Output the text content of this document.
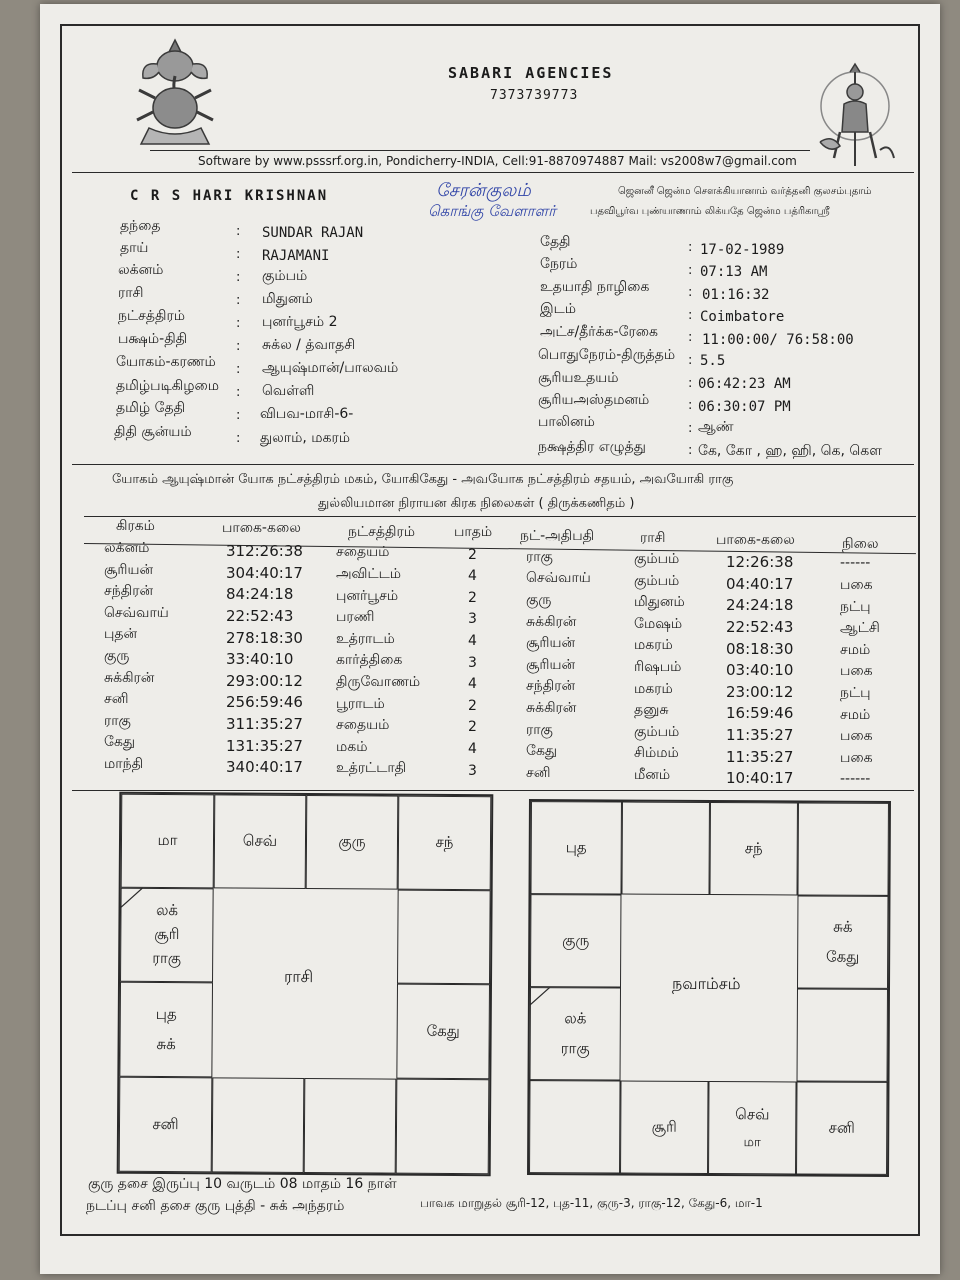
SABARI AGENCIES
7373739773
Software by www.psssrf.org.in, Pondicherry-INDIA, Cell:91-8870974887 Mail: vs2008w7@gmail.com
C R S HARI KRISHNAN	சேரன்குலம்
கொங்கு வேளாளர்
ஜெனனீ ஜென்ம சௌக்கியானாம் வர்த்தனி குலசம்புதாம்
பதவிபூர்வ புண்யாணாம் லிக்யதே ஜென்ம பத்ரிகாஶ்ரீ
தந்தை	SUNDAR RAJAN
தாய்	RAJAMANI
லக்னம்	கும்பம்
ராசி	மிதுனம்
நட்சத்திரம்	புனர்பூசம் 2
பக்ஷம்-திதி	சுக்ல / த்வாதசி
யோகம்-கரணம்	ஆயுஷ்மான்/பாலவம்
தமிழ்படிகிழமை	வெள்ளி
தமிழ் தேதி	விபவ-மாசி-6-
திதி சூன்யம்	துலாம், மகரம்
:
:
:
:
:
:
:
:
:
:
தேதி	17-02-1989
நேரம்	07:13 AM
உதயாதி நாழிகை	01:16:32
இடம்	Coimbatore
அட்ச/தீர்க்க-ரேகை	11:00:00/ 76:58:00
பொதுநேரம்-திருத்தம் 5.5
சூரியஉதயம்	06:42:23 AM
சூரியஅஸ்தமனம்	06:30:07 PM
பாலினம்	ஆண்
நக்ஷத்திர எழுத்து	கே, கோ , ஹ, ஹி, கெ, கௌ
:
:
:
:
:
:
:
:
:
:
யோகம் ஆயுஷ்மான் யோக நட்சத்திரம் மகம், யோகிகேது - அவயோக நட்சத்திரம் சதயம், அவயோகி ராகு
துல்லியமான நிராயன கிரக நிலைகள் ( திருக்கணிதம் )
கிரகம்	பாகை-கலை	நட்சத்திரம்	பாதம் நட்-அதிபதி	ராசி	பாகை-கலை	நிலை
லக்னம்	312:26:38 சதையம்	2	ராகு	கும்பம்	12:26:38	------
சூரியன்	304:40:17 அவிட்டம்	4	செவ்வாய்	கும்பம்	04:40:17	பகை
சந்திரன்	84:24:18	புனர்பூசம்	2	குரு	மிதுனம்	24:24:18	நட்பு
செவ்வாய்	22:52:43	பரணி	3	சுக்கிரன்	மேஷம்	22:52:43	ஆட்சி
புதன்	278:18:30 உத்ராடம்	4	சூரியன்	மகரம்	08:18:30	சமம்
குரு	33:40:10	கார்த்திகை	3	சூரியன்	ரிஷபம்	03:40:10	பகை
சுக்கிரன்	293:00:12 திருவோணம்	4	சந்திரன்	மகரம்	23:00:12	நட்பு
சனி	256:59:46 பூராடம்	2	சுக்கிரன்	தனுசு	16:59:46	சமம்
ராகு	311:35:27 சதையம்	2	ராகு	கும்பம்	11:35:27	பகை
கேது	131:35:27 மகம்	4	கேது	சிம்மம்	11:35:27	பகை
மாந்தி	340:40:17 உத்ரட்டாதி	3	சனி	மீனம்	10:40:17	------
மா	செவ்	குரு	சந்
லக்
சூரி
ராகு
புத
சுக்
கேது
சனி
ராசி
புத	சந்
குரு
சுக்
கேது
லக்
ராகு
சூரி
செவ்
மா
சனி
நவாம்சம்
குரு தசை இருப்பு 10 வருடம் 08 மாதம் 16 நாள்
நடப்பு சனி தசை குரு புத்தி - சுக் அந்தரம்	பாவக மாறுதல் சூரி-12, புத-11, குரு-3, ராகு-12, கேது-6, மா-1
